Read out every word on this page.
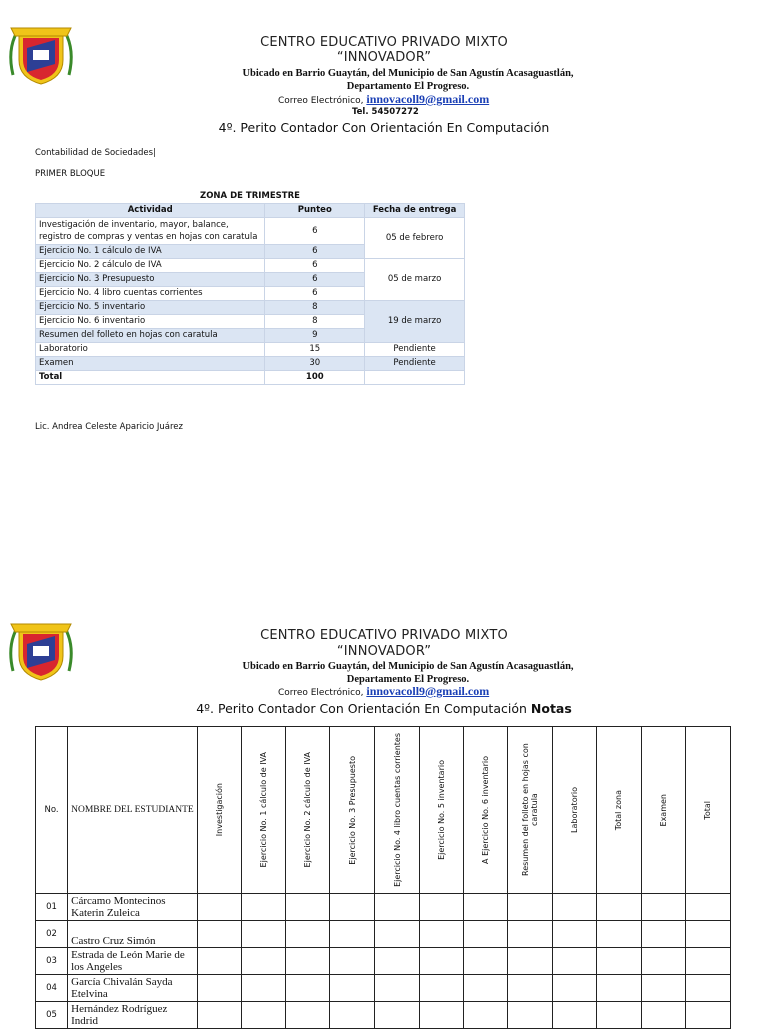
CENTRO EDUCATIVO PRIVADO MIXTO
“INNOVADOR”
Ubicado en Barrio Guaytán, del Municipio de San Agustín Acasaguastlán,
Departamento El Progreso.
Correo Electrónico, innovacoll9@gmail.com
Tel. 54507272
4º. Perito Contador Con Orientación En Computación
Contabilidad de Sociedades|
PRIMER BLOQUE
ZONA DE TRIMESTRE
Actividad	Punteo	Fecha de entrega
Investigación de inventario, mayor, balance, registro de compras y ventas en hojas con caratula	6	05 de febrero
Ejercicio No. 1 cálculo de IVA	6	
Ejercicio No. 2 cálculo de IVA	6	05 de marzo
Ejercicio No. 3 Presupuesto	6	
Ejercicio No. 4 libro cuentas corrientes	6	
Ejercicio No. 5 inventario	8	19 de marzo
Ejercicio No. 6 inventario	8	
Resumen del folleto en hojas con caratula	9	
Laboratorio	15	Pendiente
Examen	30	Pendiente
Total	100	
Lic. Andrea Celeste Aparicio Juárez
CENTRO EDUCATIVO PRIVADO MIXTO
“INNOVADOR”
Ubicado en Barrio Guaytán, del Municipio de San Agustín Acasaguastlán,
Departamento El Progreso.
Correo Electrónico, innovacoll9@gmail.com
4º. Perito Contador Con Orientación En Computación Notas
No.	NOMBRE DEL ESTUDIANTE	Investigación	Ejercicio No. 1 cálculo de IVA	Ejercicio No. 2 cálculo de IVA	Ejercicio No. 3 Presupuesto	Ejercicio No. 4 libro cuentas corrientes	Ejercicio No. 5 inventario	A Ejercicio No. 6 inventario	Resumen del folleto en hojas con caratula	Laboratorio	Total zona	Examen	Total

01	Cárcamo Montecinos Katerin Zuleica												
02	Castro Cruz Simón												
03	Estrada de León Marie de los Angeles												
04	García Chivalán Sayda Etelvina												
05	Hernández Rodríguez Indrid												
